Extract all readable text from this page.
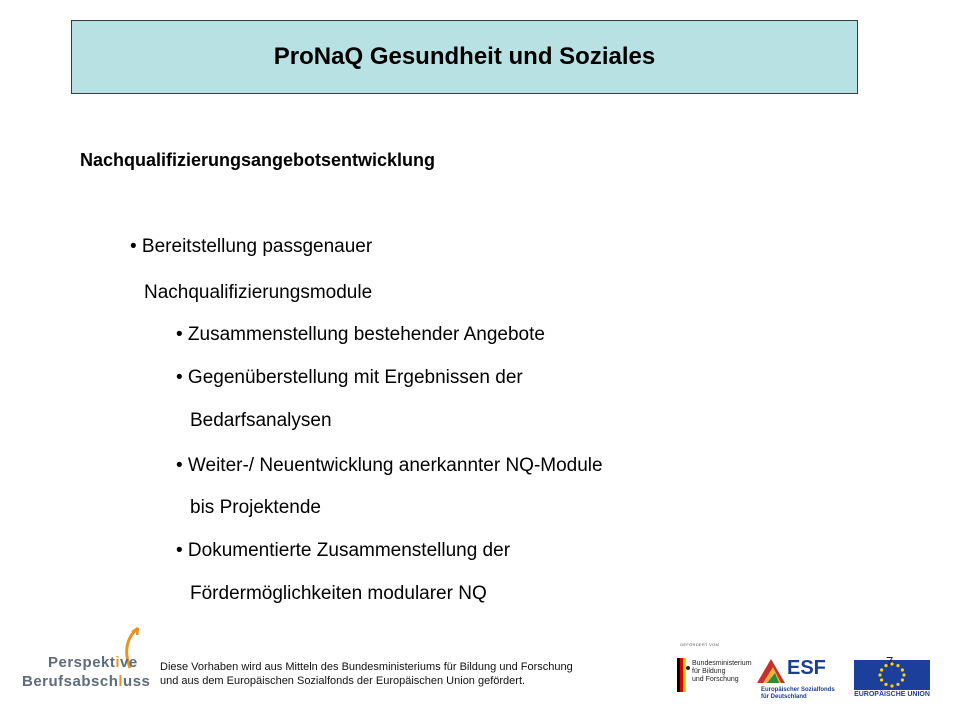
ProNaQ Gesundheit und Soziales
Nachqualifizierungsangebotsentwicklung
• Bereitstellung passgenauer
Nachqualifizierungsmodule
• Zusammenstellung bestehender Angebote
• Gegenüberstellung mit Ergebnissen der
Bedarfsanalysen
• Weiter-/ Neuentwicklung anerkannter NQ-Module
bis Projektende
• Dokumentierte Zusammenstellung der
Fördermöglichkeiten modularer NQ
Perspektive
Berufsabschluss
Diese Vorhaben wird aus Mitteln des Bundesministeriums für Bildung und Forschung
und aus dem Europäischen Sozialfonds der Europäischen Union gefördert.
GEFÖRDERT VOM
Bundesministerium
für Bildung
und Forschung
ESF
Europäischer Sozialfonds
für Deutschland	EUROPÄISCHE UNION
7
